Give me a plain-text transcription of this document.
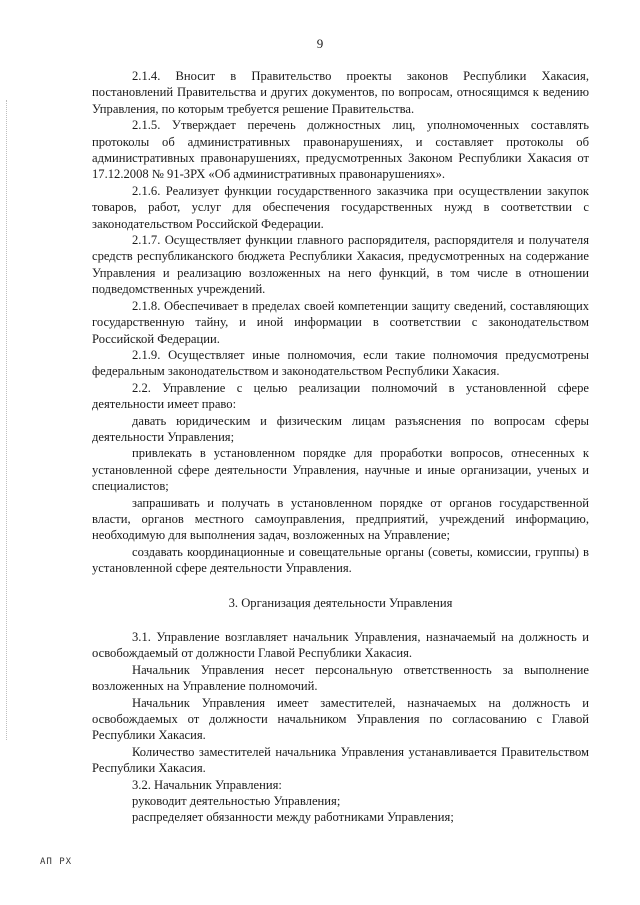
9

2.1.4. Вносит в Правительство проекты законов Республики Хакасия, постановлений Правительства и других документов, по вопросам, относящимся к ведению Управления, по которым требуется решение Правительства.

2.1.5. Утверждает перечень должностных лиц, уполномоченных составлять протоколы об административных правонарушениях, и составляет протоколы об административных правонарушениях, предусмотренных Законом Республики Хакасия от 17.12.2008 № 91-ЗРХ «Об административных правонарушениях».

2.1.6. Реализует функции государственного заказчика при осуществлении закупок товаров, работ, услуг для обеспечения государственных нужд в соответствии с законодательством Российской Федерации.

2.1.7. Осуществляет функции главного распорядителя, распорядителя и получателя средств республиканского бюджета Республики Хакасия, предусмотренных на содержание Управления и реализацию возложенных на него функций, в том числе в отношении подведомственных учреждений.

2.1.8. Обеспечивает в пределах своей компетенции защиту сведений, составляющих государственную тайну, и иной информации в соответствии с законодательством Российской Федерации.

2.1.9. Осуществляет иные полномочия, если такие полномочия предусмотрены федеральным законодательством и законодательством Республики Хакасия.

2.2. Управление с целью реализации полномочий в установленной сфере деятельности имеет право:

давать юридическим и физическим лицам разъяснения по вопросам сферы деятельности Управления;

привлекать в установленном порядке для проработки вопросов, отнесенных к установленной сфере деятельности Управления, научные и иные организации, ученых и специалистов;

запрашивать и получать в установленном порядке от органов государственной власти, органов местного самоуправления, предприятий, учреждений информацию, необходимую для выполнения задач, возложенных на Управление;

создавать координационные и совещательные органы (советы, комиссии, группы) в установленной сфере деятельности Управления.

3. Организация деятельности Управления

3.1. Управление возглавляет начальник Управления, назначаемый на должность и освобождаемый от должности Главой Республики Хакасия.

Начальник Управления несет персональную ответственность за выполнение возложенных на Управление полномочий.

Начальник Управления имеет заместителей, назначаемых на должность и освобождаемых от должности начальником Управления по согласованию с Главой Республики Хакасия.

Количество заместителей начальника Управления устанавливается Правительством Республики Хакасия.

3.2. Начальник Управления:

руководит деятельностью Управления;

распределяет обязанности между работниками Управления;

АП РХ
